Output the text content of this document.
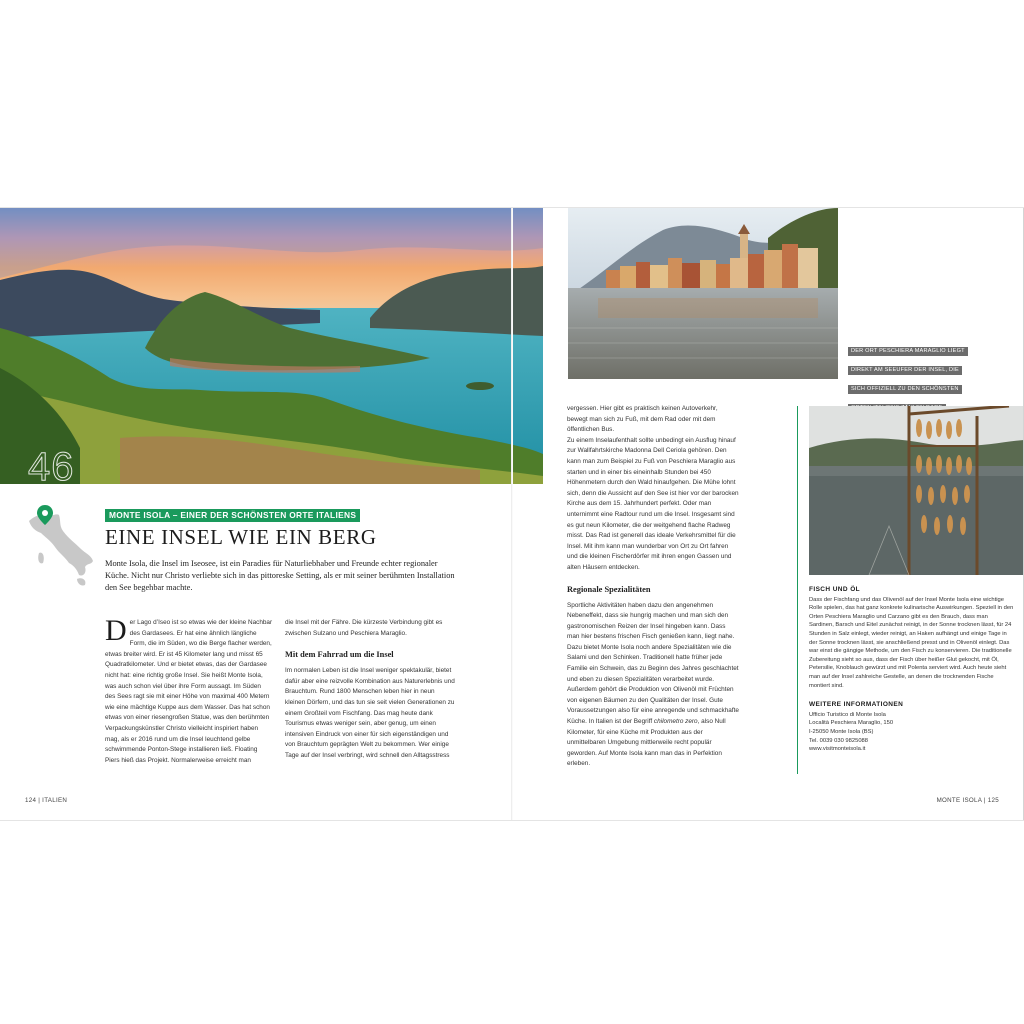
46
DER ORT PESCHIERA MARAGLIO LIEGT
DIREKT AM SEEUFER DER INSEL, DIE
SICH OFFIZIELL ZU DEN SCHÖNSTEN

MONTE ISOLA – EINER DER SCHÖNSTEN ORTE ITALIENS
EINE INSEL WIE EIN BERG

Monte Isola, die Insel im Iseosee, ist ein Paradies für Naturliebhaber und Freunde echter regionaler Küche. Nicht nur Christo verliebte sich in das pittoreske Setting, als er mit seiner berühmten Installation den See begehbar machte.

D er Lago d’Iseo ist so etwas wie der kleine Nachbar des Gardasees. Er hat eine ähnlich längliche Form, die im Süden, wo die Berge flacher werden, etwas breiter wird. Er ist 45 Kilometer lang und misst 65 Quadratkilometer. Und er bietet etwas, das der Gardasee nicht hat: eine richtig große Insel. Sie heißt Monte Isola, was auch schon viel über ihre Form aussagt. Im Süden des Sees ragt sie mit einer Höhe von maximal 400 Metern wie eine mächtige Kuppe aus dem Wasser. Das hat schon etwas von einer riesengroßen Statue, was den berühmten Verpackungskünstler Christo vielleicht inspiriert haben mag, als er 2016 rund um die Insel leuchtend gelbe schwimmende Ponton-Stege installieren ließ. Floating Piers hieß das Projekt. Normalerweise erreicht man
die Insel mit der Fähre. Die kürzeste Verbindung gibt es zwischen Sulzano und Peschiera Maraglio.
Mit dem Fahrrad um die Insel
Im normalen Leben ist die Insel weniger spektakulär, bietet dafür aber eine reizvolle Kombination aus Naturerlebnis und Brauchtum. Rund 1800 Menschen leben hier in neun kleinen Dörfern, und das tun sie seit vielen Generationen zu einem Großteil vom Fischfang. Das mag heute dank Tourismus etwas weniger sein, aber genug, um einen intensiven Eindruck von einer für sich eigenständigen und von Brauchtum geprägten Welt zu bekommen. Wer einige Tage auf der Insel verbringt, wird schnell den Alltagsstress
vergessen. Hier gibt es praktisch keinen Autoverkehr, bewegt man sich zu Fuß, mit dem Rad oder mit dem öffentlichen Bus.
Zu einem Inselaufenthalt sollte unbedingt ein Ausflug hinauf zur Wallfahrtskirche Madonna Dell Ceriola gehören. Den kann man zum Beispiel zu Fuß von Peschiera Maraglio aus starten und in einer bis eineinhalb Stunden bei 450 Höhenmetern durch den Wald hinaufgehen. Die Mühe lohnt sich, denn die Aussicht auf den See ist hier vor der barocken Kirche aus dem 15. Jahrhundert perfekt. Oder man unternimmt eine Radtour rund um die Insel. Insgesamt sind es gut neun Kilometer, die der weitgehend flache Radweg misst. Das Rad ist generell das ideale Verkehrsmittel für die Insel. Mit ihm kann man wunderbar von Ort zu Ort fahren und die kleinen Fischerdörfer mit ihren engen Gassen und alten Häusern entdecken.
Regionale Spezialitäten
Sportliche Aktivitäten haben dazu den angenehmen Nebeneffekt, dass sie hungrig machen und man sich den gastronomischen Reizen der Insel hingeben kann. Dass man hier bestens frischen Fisch genießen kann, liegt nahe. Dazu bietet Monte Isola noch andere Spezialitäten wie die Salami und den Schinken. Traditionell hatte früher jede Familie ein Schwein, das zu Beginn des Jahres geschlachtet und eben zu diesen Spezialitäten verarbeitet wurde. Außerdem gehört die Produktion von Olivenöl mit Früchten von eigenen Bäumen zu den Qualitäten der Insel. Gute Voraussetzungen also für eine anregende und schmackhafte Küche. In Italien ist der Begriff chilometro zero, also Null Kilometer, für eine Küche mit Produkten aus der unmittelbaren Umgebung mittlerweile recht populär geworden. Auf Monte Isola kann man das in Perfektion erleben.
FISCH UND ÖL

Dass der Fischfang und das Olivenöl auf der Insel Monte Isola eine wichtige Rolle spielen, das hat ganz konkrete kulinarische Auswirkungen. Speziell in den Orten Peschiera Maraglio und Carzano gibt es den Brauch, dass man Sardinen, Barsch und Eitel zunächst reinigt, in der Sonne trocknen lässt, für 24 Stunden in Salz einlegt, wieder reinigt, an Haken aufhängt und einige Tage in der Sonne trocknen lässt, sie anschließend presst und in Olivenöl einlegt. Das war einst die gängige Methode, um den Fisch zu konservieren. Die traditionelle Zubereitung sieht so aus, dass der Fisch über heißer Glut gekocht, mit Öl, Petersilie, Knoblauch gewürzt und mit Polenta serviert wird. Auch heute sieht man auf der Insel zahlreiche Gestelle, an denen die trocknenden Fische montiert sind.

WEITERE INFORMATIONEN
Ufficio Turistico di Monte Isola
Località Peschiera Maraglio, 150
I-25050 Monte Isola (BS)
Tel. 0039 030 9825088
www.visitmonteisola.it
124 | ITALIEN	MONTE ISOLA | 125
